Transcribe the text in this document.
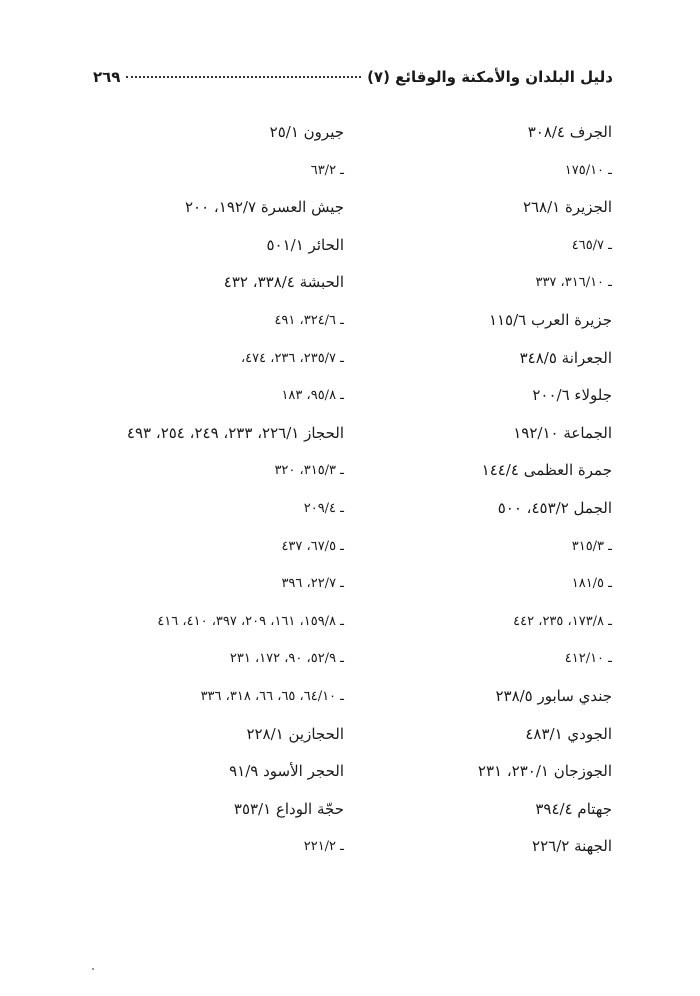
دليل البلدان والأمكنة والوقائع (٧)
٢٦٩
الجرف ٣٠٨/٤
ـ ١٧٥/١٠
الجزيرة ٢٦٨/١
ـ ٤٦٥/٧
ـ ٣١٦/١٠، ٣٣٧
جزيرة العرب ١١٥/٦
الجعرانة ٣٤٨/٥
جلولاء ٢٠٠/٦
الجماعة ١٩٢/١٠
جمرة العظمى ١٤٤/٤
الجمل ٤٥٣/٢، ٥٠٠
ـ ٣١٥/٣
ـ ١٨١/٥
ـ ١٧٣/٨، ٢٣٥، ٤٤٢
ـ ٤١٢/١٠
جندي سابور ٢٣٨/٥
الجودي ٤٨٣/١
الجوزجان ٢٣٠/١، ٢٣١
جهتام ٣٩٤/٤
الجهنة ٢٢٦/٢
جيرون ٢٥/١
ـ ٦٣/٢
جيش العسرة ١٩٢/٧، ٢٠٠
الحائر ٥٠١/١
الحبشة ٣٣٨/٤، ٤٣٢
ـ ٣٢٤/٦، ٤٩١
ـ ٢٣٥/٧، ٢٣٦، ٤٧٤،
ـ ٩٥/٨، ١٨٣
الحجاز ٢٢٦/١، ٢٣٣، ٢٤٩، ٢٥٤، ٤٩٣
ـ ٣١٥/٣، ٣٢٠
ـ ٢٠٩/٤
ـ ٦٧/٥، ٤٣٧
ـ ٢٢/٧، ٣٩٦
ـ ١٥٩/٨، ١٦١، ٢٠٩، ٣٩٧، ٤١٠، ٤١٦
ـ ٥٢/٩، ٩٠، ١٧٢، ٢٣١
ـ ٦٤/١٠، ٦٥، ٦٦، ٣١٨، ٣٣٦
الحجازين ٢٢٨/١
الحجر الأسود ٩١/٩
حجّة الوداع ٣٥٣/١
ـ ٢٢١/٢
